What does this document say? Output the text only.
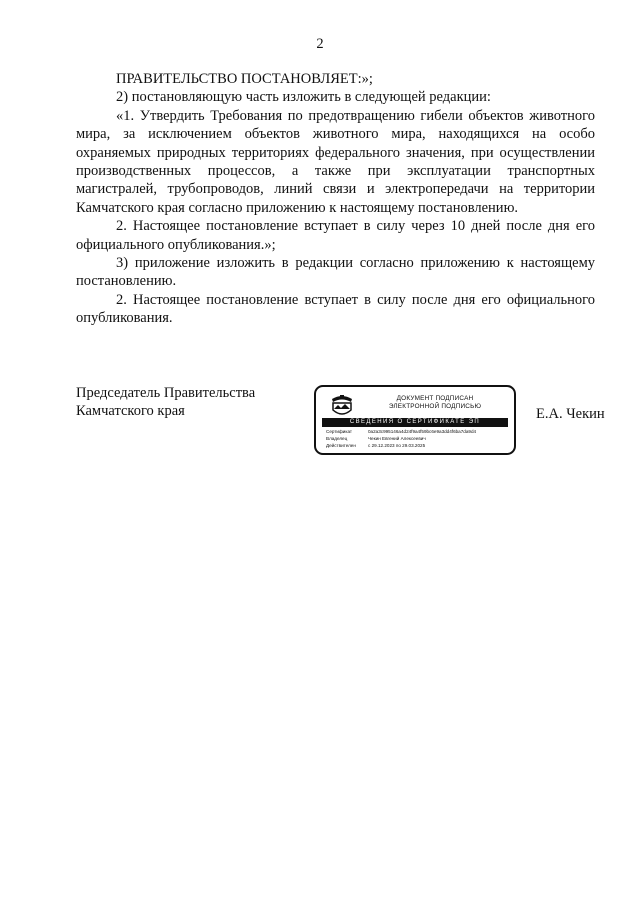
2

ПРАВИТЕЛЬСТВО ПОСТАНОВЛЯЕТ:»;

2) постановляющую часть изложить в следующей редакции:

«1. Утвердить Требования по предотвращению гибели объектов животного мира, за исключением объектов животного мира, находящихся на особо охраняемых природных территориях федерального значения, при осуществлении производственных процессов, а также при эксплуатации транспортных магистралей, трубопроводов, линий связи и электропередачи на территории Камчатского края согласно приложению к настоящему постановлению.

2. Настоящее постановление вступает в силу через 10 дней после дня его официального опубликования.»;

3) приложение изложить в редакции согласно приложению к настоящему постановлению.

2. Настоящее постановление вступает в силу после дня его официального опубликования.

Председатель Правительства
Камчатского края
ДОКУМЕНТ ПОДПИСАН
ЭЛЕКТРОННОЙ ПОДПИСЬЮ
СВЕДЕНИЯ О СЕРТИФИКАТЕ ЭП
Сертификат	0a2a3c995146a4d24f9a4f59bc6e9a3dd4f6ba7da9d4
Владелец	Чекин Евгений Алексеевич
Действителен	с 29.12.2023 по 29.03.2025
Е.А. Чекин
